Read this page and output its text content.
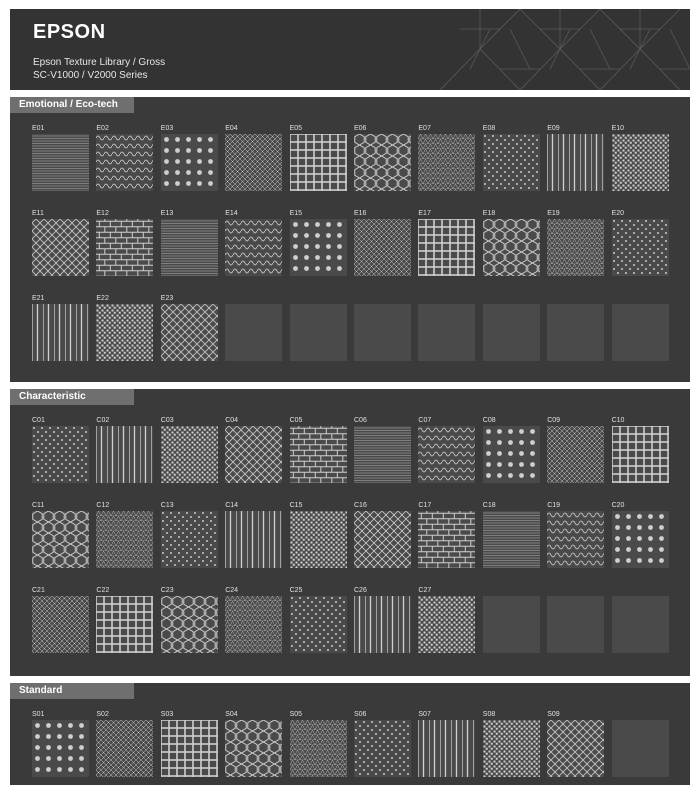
EPSON
Epson Texture Library / Gross
SC-V1000 / V2000 Series
Emotional / Eco-tech
E01	E02	E03	E04	E05	E06	E07	E08	E09	E10
E11	E12	E13	E14	E15	E16	E17	E18	E19	E20
E21	E22	E23
Characteristic
C01	C02	C03	C04	C05	C06	C07	C08	C09	C10
C11	C12	C13	C14	C15	C16	C17	C18	C19	C20
C21	C22	C23	C24	C25	C26	C27
Standard
S01	S02	S03	S04	S05	S06	S07	S08	S09
